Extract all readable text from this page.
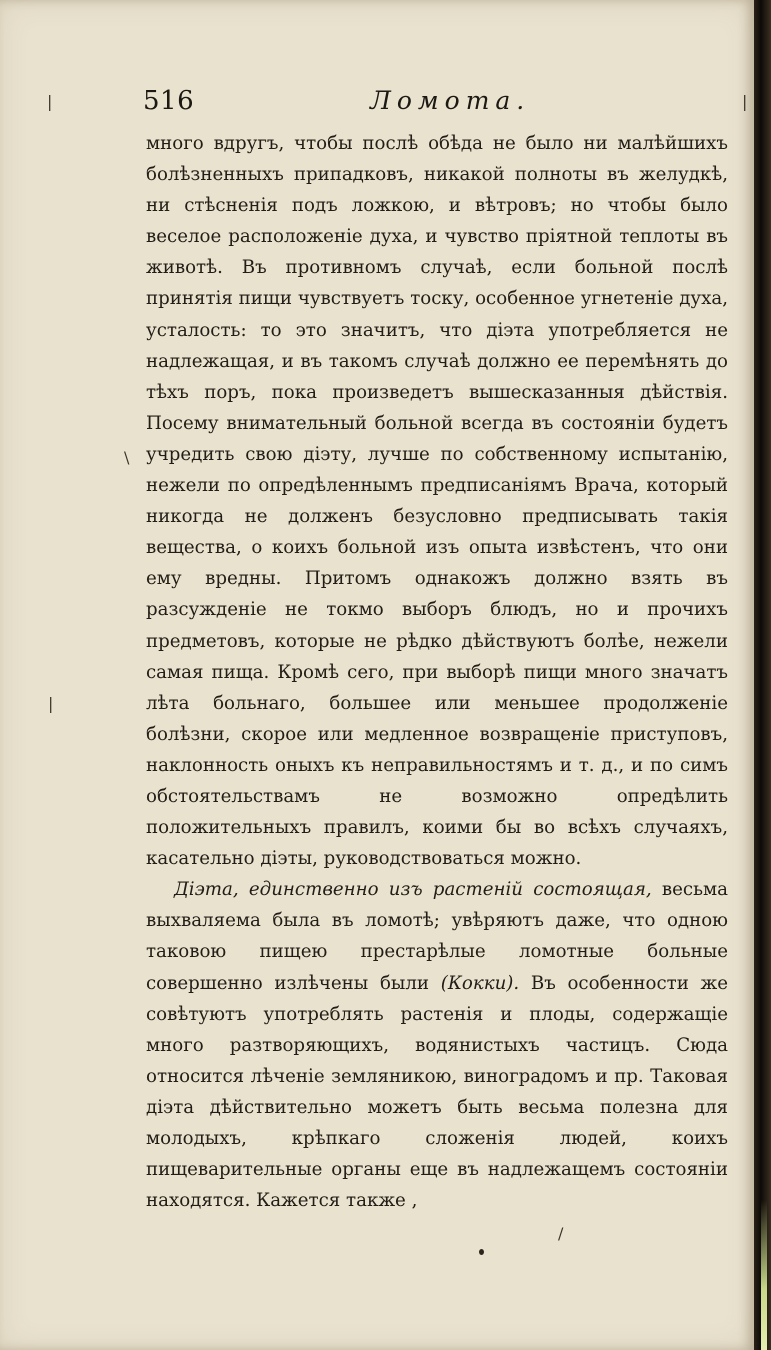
516	Ломота.

много вдругъ, чтобы послѣ обѣда не было ни малѣйшихъ болѣзненныхъ припадковъ, никакой полноты въ желудкѣ, ни стѣсненія подъ ложкою, и вѣтровъ; но чтобы было веселое расположеніе духа, и чувство пріятной теплоты въ животѣ. Въ противномъ случаѣ, если больной послѣ принятія пищи чувствуетъ тоску, особенное угнетеніе духа, усталость: то это значитъ, что діэта употребляется не надлежащая, и въ такомъ случаѣ должно ее перемѣнять до тѣхъ поръ, пока произведетъ вышесказанныя дѣйствія. Посему внимательный больной всегда въ состояніи будетъ учредить свою діэту, лучше по собственному испытанію, нежели по опредѣленнымъ предписаніямъ Врача, который никогда не долженъ безусловно предписывать такія вещества, о коихъ больной изъ опыта извѣстенъ, что они ему вредны. Притомъ однакожъ должно взять въ разсужденіе не токмо выборъ блюдъ, но и прочихъ предметовъ, которые не рѣдко дѣйствуютъ болѣе, нежели самая пища. Кромѣ сего, при выборѣ пищи много значатъ лѣта больнаго, большее или меньшее продолженіе болѣзни, скорое или медленное возвращеніе приступовъ, наклонность оныхъ къ неправильностямъ и т. д., и по симъ обстоятельствамъ не возможно опредѣлить положительныхъ правилъ, коими бы во всѣхъ случаяхъ, касательно діэты, руководствоваться можно.

Діэта, единственно изъ растеній состоящая, весьма выхваляема была въ ломотѣ; увѣряютъ даже, что одною таковою пищею престарѣлые ломотные больные совершенно излѣчены были (Кокки). Въ особенности же совѣтуютъ употреблять растенія и плоды, содержащіе много разтворяющихъ, водянистыхъ частицъ. Сюда относится лѣченіе земляникою, виноградомъ и пр. Таковая діэта дѣйствительно можетъ быть весьма полезна для молодыхъ, крѣпкаго сложенія людей, коихъ пищеварительные органы еще въ надлежащемъ состояніи находятся. Кажется также ,

|	|
\
|
/
